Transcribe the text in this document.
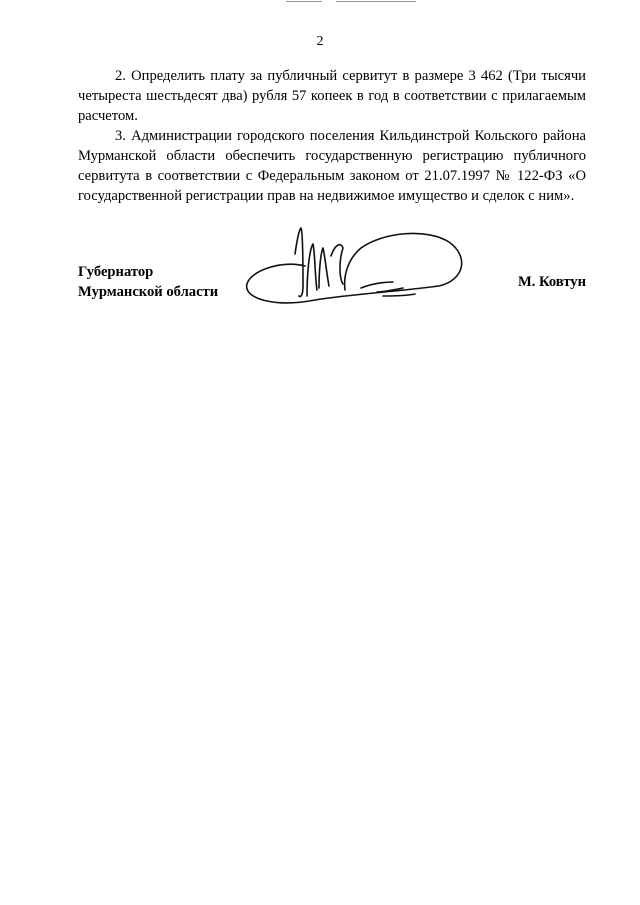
2

2. Определить плату за публичный сервитут в размере 3 462 (Три тысячи четыреста шестьдесят два) рубля 57 копеек в год в соответствии с прилагаемым расчетом.

3. Администрации городского поселения Кильдинстрой Кольского района Мурманской области обеспечить государственную регистрацию публичного сервитута в соответствии с Федеральным законом от 21.07.1997 № 122-ФЗ «О государственной регистрации прав на недвижимое имущество и сделок с ним».

Губернатор
Мурманской области
М. Ковтун
